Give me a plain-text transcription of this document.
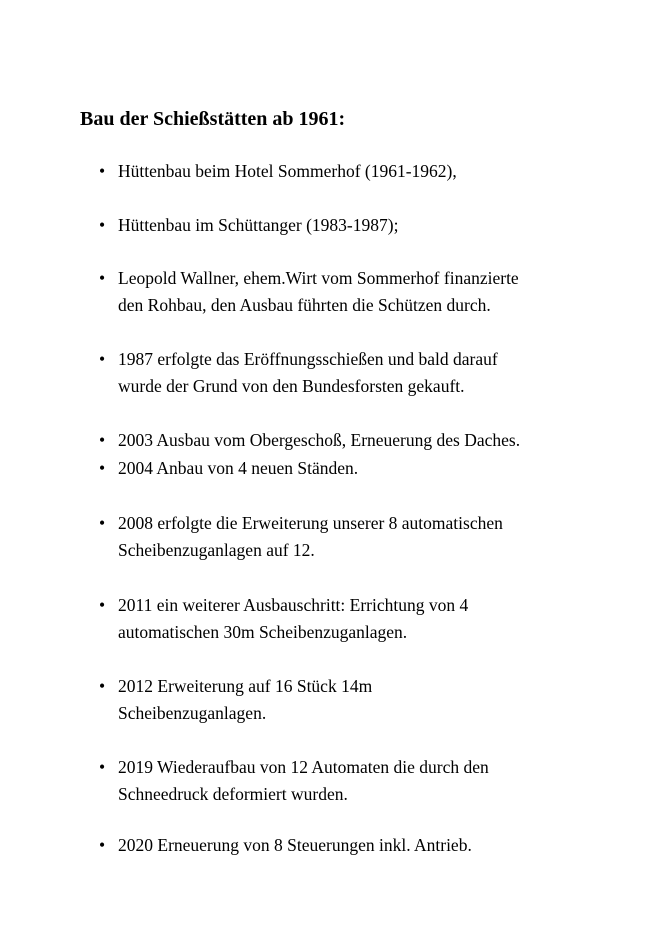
Bau der Schießstätten ab 1961:
• Hüttenbau beim Hotel Sommerhof (1961-1962),
• Hüttenbau im Schüttanger (1983-1987);
• Leopold Wallner, ehem.Wirt vom Sommerhof finanzierte
den Rohbau, den Ausbau führten die Schützen durch.
• 1987 erfolgte das Eröffnungsschießen und bald darauf
wurde der Grund von den Bundesforsten gekauft.
• 2003 Ausbau vom Obergeschoß, Erneuerung des Daches.
• 2004 Anbau von 4 neuen Ständen.
• 2008 erfolgte die Erweiterung unserer 8 automatischen
Scheibenzuganlagen auf 12.
• 2011 ein weiterer Ausbauschritt: Errichtung von 4
automatischen 30m Scheibenzuganlagen.
• 2012 Erweiterung auf 16 Stück 14m
Scheibenzuganlagen.
• 2019 Wiederaufbau von 12 Automaten die durch den
Schneedruck deformiert wurden.
• 2020 Erneuerung von 8 Steuerungen inkl. Antrieb.
